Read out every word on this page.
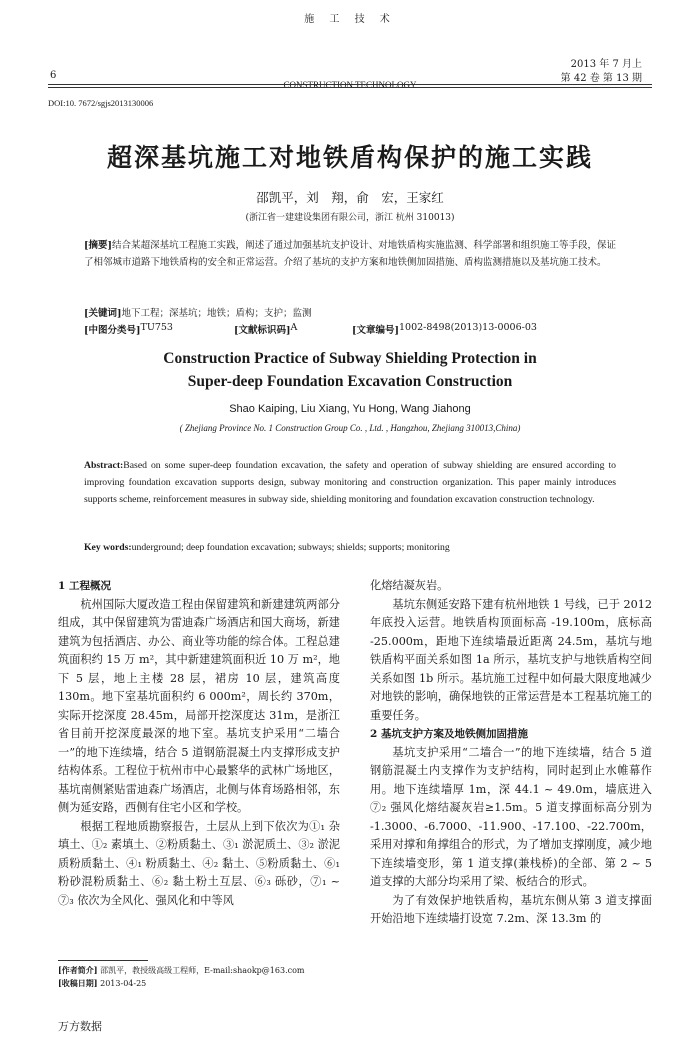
施 工 技 术
2013 年 7 月上
6
CONSTRUCTION TECHNOLOGY
第 42 卷 第 13 期
DOI:10. 7672/sgjs2013130006
超深基坑施工对地铁盾构保护的施工实践
邵凯平，刘　翔，俞　宏，王家红
(浙江省一建建设集团有限公司，浙江 杭州 310013)
[摘要]结合某超深基坑工程施工实践，阐述了通过加强基坑支护设计、对地铁盾构实施监测、科学部署和组织施工等手段，保证了相邻城市道路下地铁盾构的安全和正常运营。介绍了基坑的支护方案和地铁侧加固措施、盾构监测措施以及基坑施工技术。
[关键词]地下工程；深基坑；地铁；盾构；支护；监测
[中图分类号] TU753	[文献标识码] A	[文章编号] 1002-8498(2013)13-0006-03
Construction Practice of Subway Shielding Protection in
Super-deep Foundation Excavation Construction
Shao Kaiping, Liu Xiang, Yu Hong, Wang Jiahong
( Zhejiang Province No. 1 Construction Group Co. , Ltd. , Hangzhou, Zhejiang 310013,China)
Abstract:Based on some super-deep foundation excavation, the safety and operation of subway shielding are ensured according to improving foundation excavation supports design, subway monitoring and construction organization. This paper mainly introduces supports scheme, reinforcement measures in subway side, shielding monitoring and foundation excavation construction technology.
Key words:underground; deep foundation excavation; subways; shields; supports; monitoring
1 工程概况

杭州国际大厦改造工程由保留建筑和新建建筑两部分组成，其中保留建筑为雷迪森广场酒店和国大商场，新建建筑为包括酒店、办公、商业等功能的综合体。工程总建筑面积约 15 万 m²，其中新建建筑面积近 10 万 m²，地下 5 层，地上主楼 28 层，裙房 10 层，建筑高度 130m。地下室基坑面积约 6 000m²，周长约 370m，实际开挖深度 28.45m，局部开挖深度达 31m，是浙江省目前开挖深度最深的地下室。基坑支护采用“二墙合一”的地下连续墙，结合 5 道钢筋混凝土内支撑形成支护结构体系。工程位于杭州市中心最繁华的武林广场地区，基坑南侧紧贴雷迪森广场酒店，北侧与体育场路相邻，东侧为延安路，西侧有住宅小区和学校。

根据工程地质勘察报告，土层从上到下依次为①₁ 杂填土、①₂ 素填土、②粉质黏土、③₁ 淤泥质土、③₂ 淤泥质粉质黏土、④₁ 粉质黏土、④₂ 黏土、⑤粉质黏土、⑥₁ 粉砂混粉质黏土、⑥₂ 黏土粉土互层、⑥₃ 砾砂，⑦₁ ~ ⑦₃ 依次为全风化、强风化和中等风

化熔结凝灰岩。

基坑东侧延安路下建有杭州地铁 1 号线，已于 2012 年底投入运营。地铁盾构顶面标高 -19.100m，底标高 -25.000m，距地下连续墙最近距离 24.5m，基坑与地铁盾构平面关系如图 1a 所示，基坑支护与地铁盾构空间关系如图 1b 所示。基坑施工过程中如何最大限度地减少对地铁的影响，确保地铁的正常运营是本工程基坑施工的重要任务。

2 基坑支护方案及地铁侧加固措施

基坑支护采用“二墙合一”的地下连续墙，结合 5 道钢筋混凝土内支撑作为支护结构，同时起到止水帷幕作用。地下连续墙厚 1m，深 44.1 ~ 49.0m，墙底进入⑦₂ 强风化熔结凝灰岩≥1.5m。5 道支撑面标高分别为 -1.3000、-6.7000、-11.900、-17.100、-22.700m，采用对撑和角撑组合的形式，为了增加支撑刚度，减少地下连续墙变形，第 1 道支撑(兼栈桥)的全部、第 2 ~ 5 道支撑的大部分均采用了梁、板结合的形式。

为了有效保护地铁盾构，基坑东侧从第 3 道支撑面开始沿地下连续墙打设宽 7.2m、深 13.3m 的

[作者简介] 邵凯平，教授级高级工程师，E-mail:shaokp@163.com
[收稿日期] 2013-04-25
万方数据
